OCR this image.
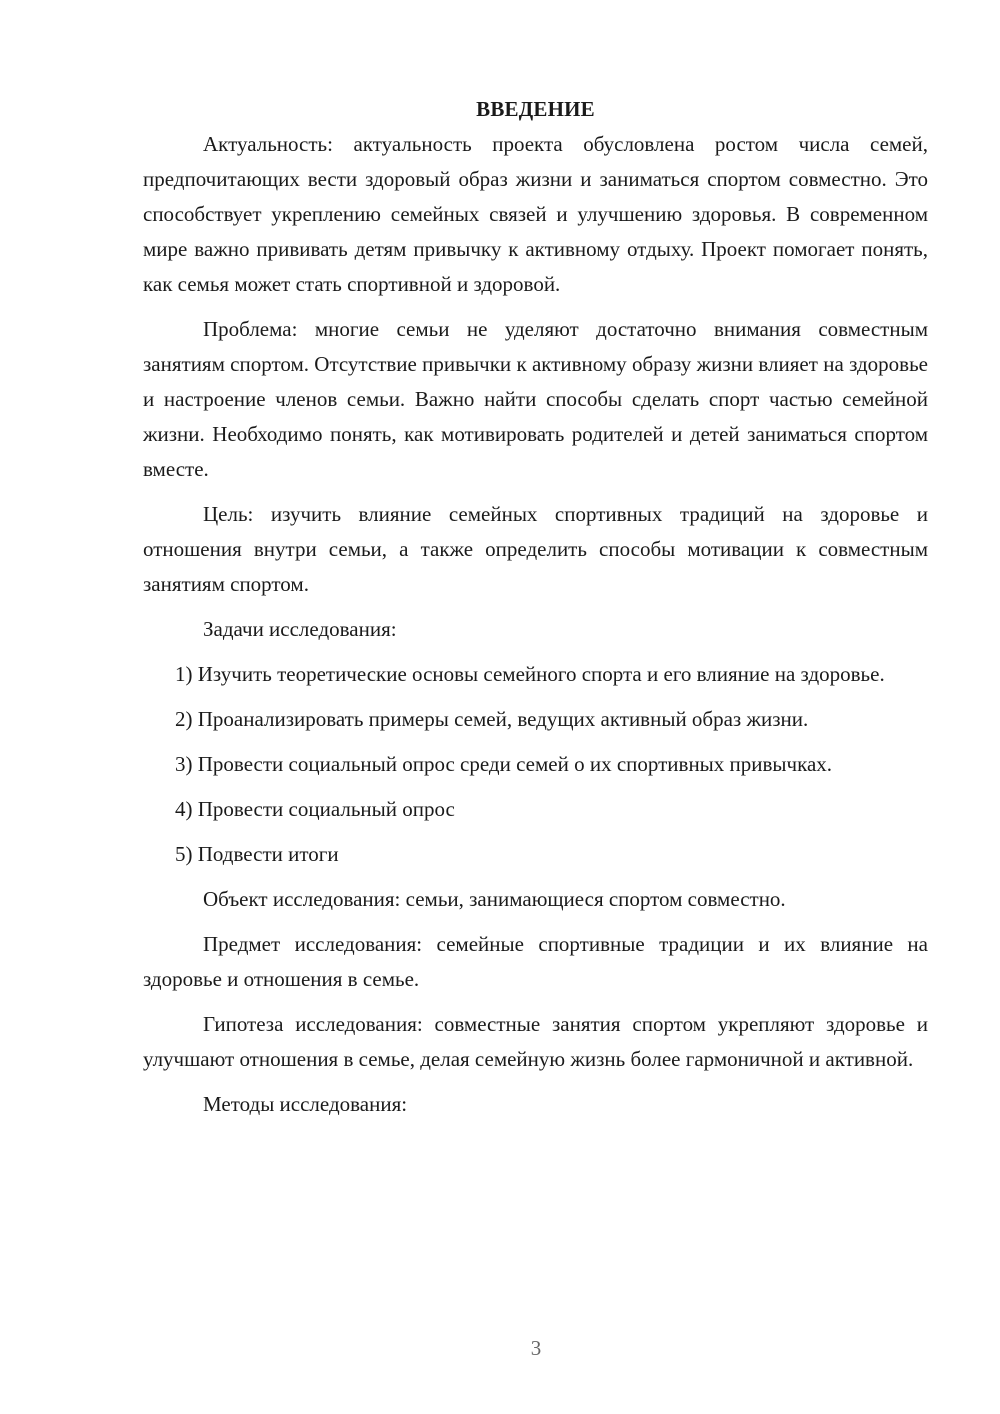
ВВЕДЕНИЕ

Актуальность: актуальность проекта обусловлена ростом числа семей, предпочитающих вести здоровый образ жизни и заниматься спортом совместно. Это способствует укреплению семейных связей и улучшению здоровья. В современном мире важно прививать детям привычку к активному отдыху. Проект помогает понять, как семья может стать спортивной и здоровой.

Проблема: многие семьи не уделяют достаточно внимания совместным занятиям спортом. Отсутствие привычки к активному образу жизни влияет на здоровье и настроение членов семьи. Важно найти способы сделать спорт частью семейной жизни. Необходимо понять, как мотивировать родителей и детей заниматься спортом вместе.

Цель: изучить влияние семейных спортивных традиций на здоровье и отношения внутри семьи, а также определить способы мотивации к совместным занятиям спортом.

Задачи исследования:

1) Изучить теоретические основы семейного спорта и его влияние на здоровье.

2) Проанализировать примеры семей, ведущих активный образ жизни.

3) Провести социальный опрос среди семей о их спортивных привычках.

4) Провести социальный опрос

5) Подвести итоги

Объект исследования: семьи, занимающиеся спортом совместно.

Предмет исследования: семейные спортивные традиции и их влияние на здоровье и отношения в семье.

Гипотеза исследования: совместные занятия спортом укрепляют здоровье и улучшают отношения в семье, делая семейную жизнь более гармоничной и активной.

Методы исследования:

3
